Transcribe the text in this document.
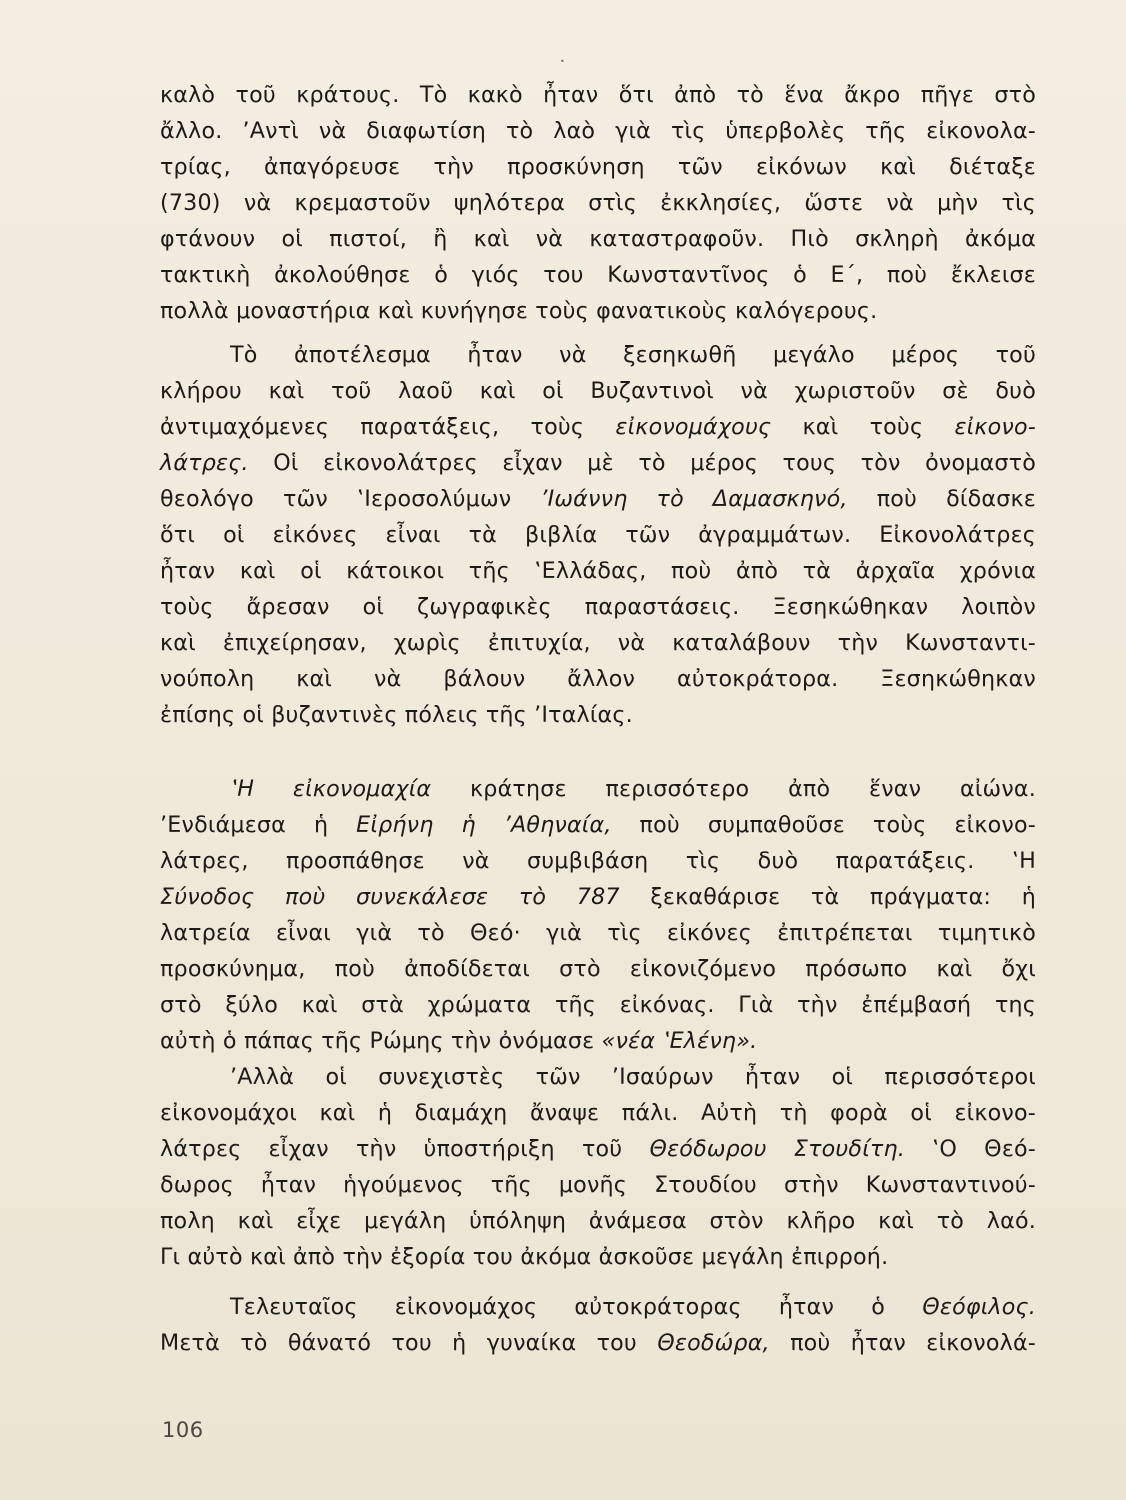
•
καλὸ τοῦ κράτους. Τὸ κακὸ ἦταν ὅτι ἀπὸ τὸ ἕνα ἄκρο πῆγε στὸ
ἄλλο. ’Αντὶ νὰ διαφωτίση τὸ λαὸ γιὰ τὶς ὑπερβολὲς τῆς εἰκονολα-
τρίας, ἀπαγόρευσε τὴν προσκύνηση τῶν εἰκόνων καὶ διέταξε
(730) νὰ κρεμαστοῦν ψηλότερα στὶς ἐκκλησίες, ὥστε νὰ μὴν τὶς
φτάνουν οἱ πιστοί, ἢ καὶ νὰ καταστραφοῦν. Πιὸ σκληρὴ ἀκόμα
τακτικὴ ἀκολούθησε ὁ γιός του Κωνσταντῖνος ὁ Ε΄, ποὺ ἔκλεισε
πολλὰ μοναστήρια καὶ κυνήγησε τοὺς φανατικοὺς καλόγερους.
Τὸ ἀποτέλεσμα ἦταν νὰ ξεσηκωθῆ μεγάλο μέρος τοῦ
κλήρου καὶ τοῦ λαοῦ καὶ οἱ Βυζαντινοὶ νὰ χωριστοῦν σὲ δυὸ
ἀντιμαχόμενες παρατάξεις, τοὺς εἰκονομάχους καὶ τοὺς εἰκονο-
λάτρες. Οἱ εἰκονολάτρες εἶχαν μὲ τὸ μέρος τους τὸν ὀνομαστὸ
θεολόγο τῶν ‛Ιεροσολύμων ’Ιωάννη τὸ Δαμασκηνό, ποὺ δίδασκε
ὅτι οἱ εἰκόνες εἶναι τὰ βιβλία τῶν ἀγραμμάτων. Εἰκονολάτρες
ἦταν καὶ οἱ κάτοικοι τῆς ‛Ελλάδας, ποὺ ἀπὸ τὰ ἀρχαῖα χρόνια
τοὺς ἄρεσαν οἱ ζωγραφικὲς παραστάσεις. Ξεσηκώθηκαν λοιπὸν
καὶ ἐπιχείρησαν, χωρὶς ἐπιτυχία, νὰ καταλάβουν τὴν Κωνσταντι-
νούπολη καὶ νὰ βάλουν ἄλλον αὐτοκράτορα. Ξεσηκώθηκαν
ἐπίσης οἱ βυζαντινὲς πόλεις τῆς ’Ιταλίας.
‛Η εἰκονομαχία κράτησε περισσότερο ἀπὸ ἕναν αἰώνα.
’Ενδιάμεσα ἡ Εἰρήνη ἡ ’Αθηναία, ποὺ συμπαθοῦσε τοὺς εἰκονο-
λάτρες, προσπάθησε νὰ συμβιβάση τὶς δυὸ παρατάξεις. ‛Η
Σύνοδος ποὺ συνεκάλεσε τὸ 787 ξεκαθάρισε τὰ πράγματα: ἡ
λατρεία εἶναι γιὰ τὸ Θεό· γιὰ τὶς εἰκόνες ἐπιτρέπεται τιμητικὸ
προσκύνημα, ποὺ ἀποδίδεται στὸ εἰκονιζόμενο πρόσωπο καὶ ὄχι
στὸ ξύλο καὶ στὰ χρώματα τῆς εἰκόνας. Γιὰ τὴν ἐπέμβασή της
αὐτὴ ὁ πάπας τῆς Ρώμης τὴν ὀνόμασε «νέα ‛Ελένη».
’Αλλὰ οἱ συνεχιστὲς τῶν ’Ισαύρων ἦταν οἱ περισσότεροι
εἰκονομάχοι καὶ ἡ διαμάχη ἄναψε πάλι. Αὐτὴ τὴ φορὰ οἱ εἰκονο-
λάτρες εἶχαν τὴν ὑποστήριξη τοῦ Θεόδωρου Στουδίτη. ‛Ο Θεό-
δωρος ἦταν ἡγούμενος τῆς μονῆς Στουδίου στὴν Κωνσταντινού-
πολη καὶ εἶχε μεγάλη ὑπόληψη ἀνάμεσα στὸν κλῆρο καὶ τὸ λαό.
Γι αὐτὸ καὶ ἀπὸ τὴν ἐξορία του ἀκόμα ἀσκοῦσε μεγάλη ἐπιρροή.
Τελευταῖος εἰκονομάχος αὐτοκράτορας ἦταν ὁ Θεόφιλος.
Μετὰ τὸ θάνατό του ἡ γυναίκα του Θεοδώρα, ποὺ ἦταν εἰκονολά-
106
